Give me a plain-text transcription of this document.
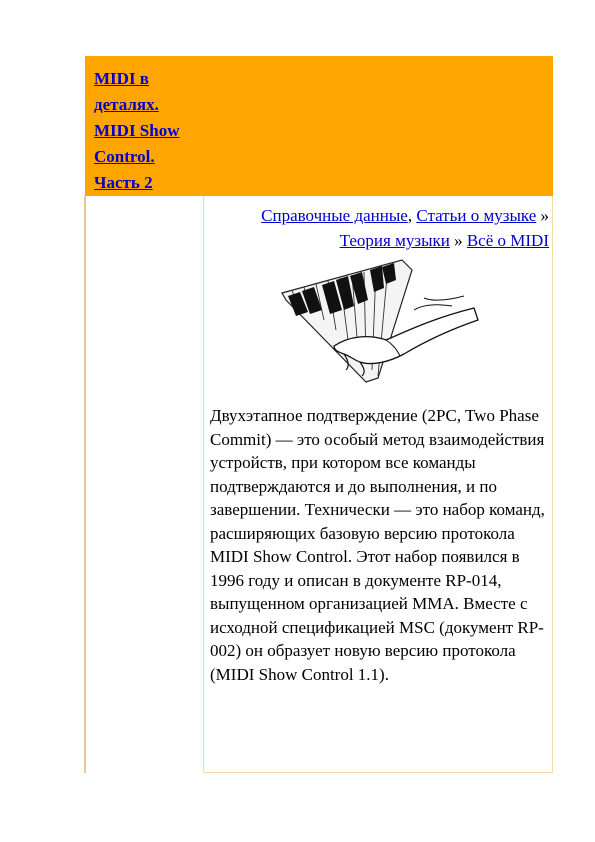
MIDI в
деталях.
MIDI Show
Control.
Часть 2
Справочные данные, Статьи о музыке » Теория музыки » Всё о MIDI
Двухэтапное подтверждение (2PC, Two Phase Commit) — это особый метод взаимодействия устройств, при котором все команды подтверждаются и до выполнения, и по завершении. Технически — это набор команд, расширяющих базовую версию протокола MIDI Show Control. Этот набор появился в 1996 году и описан в документе RP-014, выпущенном организацией MMA. Вместе с исходной спецификацией MSC (документ RP-002) он образует новую версию протокола (MIDI Show Control 1.1).
